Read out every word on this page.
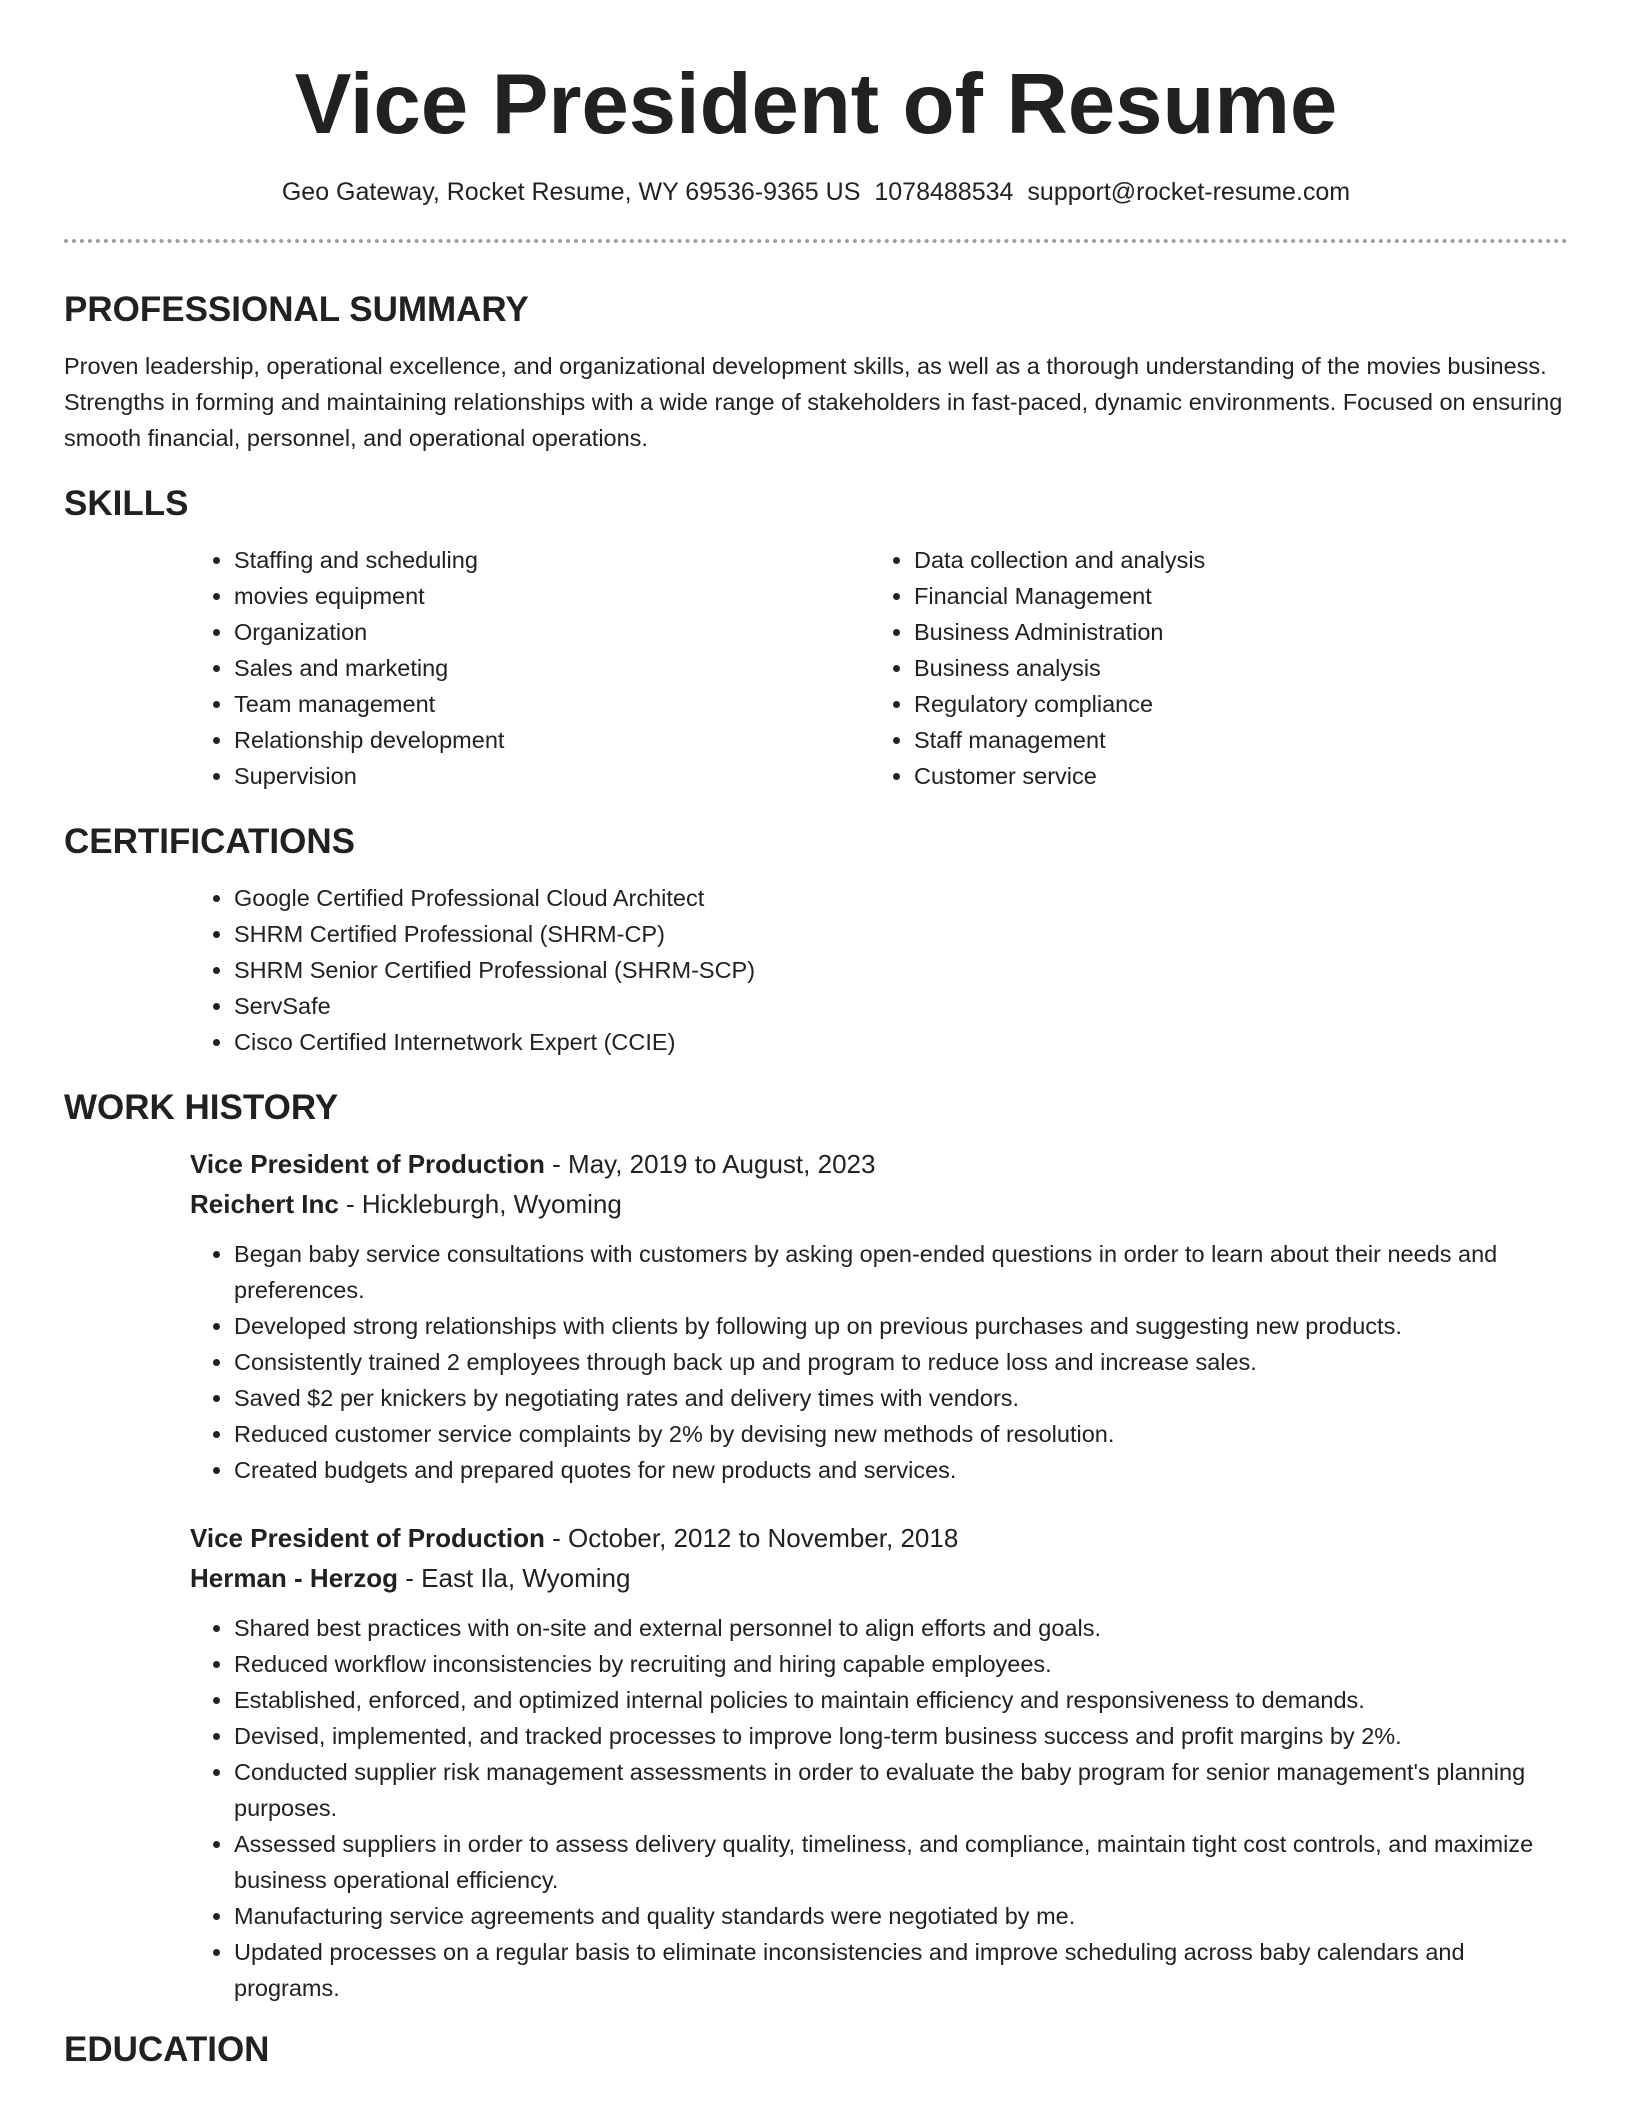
Vice President of Resume
Geo Gateway, Rocket Resume, WY 69536-9365 US 1078488534 support@rocket-resume.com
PROFESSIONAL SUMMARY

Proven leadership, operational excellence, and organizational development skills, as well as a thorough understanding of the movies business. Strengths in forming and maintaining relationships with a wide range of stakeholders in fast-paced, dynamic environments. Focused on ensuring smooth financial, personnel, and operational operations.

SKILLS
• Staffing and scheduling
• movies equipment
• Organization
• Sales and marketing
• Team management
• Relationship development
• Supervision
• Data collection and analysis
• Financial Management
• Business Administration
• Business analysis
• Regulatory compliance
• Staff management
• Customer service
CERTIFICATIONS
• Google Certified Professional Cloud Architect
• SHRM Certified Professional (SHRM-CP)
• SHRM Senior Certified Professional (SHRM-SCP)
• ServSafe
• Cisco Certified Internetwork Expert (CCIE)
WORK HISTORY
Vice President of Production - May, 2019 to August, 2023
Reichert Inc - Hickleburgh, Wyoming
• Began baby service consultations with customers by asking open-ended questions in order to learn about their needs and preferences.
• Developed strong relationships with clients by following up on previous purchases and suggesting new products.
• Consistently trained 2 employees through back up and program to reduce loss and increase sales.
• Saved $2 per knickers by negotiating rates and delivery times with vendors.
• Reduced customer service complaints by 2% by devising new methods of resolution.
• Created budgets and prepared quotes for new products and services.
Vice President of Production - October, 2012 to November, 2018
Herman - Herzog - East Ila, Wyoming
• Shared best practices with on-site and external personnel to align efforts and goals.
• Reduced workflow inconsistencies by recruiting and hiring capable employees.
• Established, enforced, and optimized internal policies to maintain efficiency and responsiveness to demands.
• Devised, implemented, and tracked processes to improve long-term business success and profit margins by 2%.
• Conducted supplier risk management assessments in order to evaluate the baby program for senior management's planning purposes.
• Assessed suppliers in order to assess delivery quality, timeliness, and compliance, maintain tight cost controls, and maximize business operational efficiency.
• Manufacturing service agreements and quality standards were negotiated by me.
• Updated processes on a regular basis to eliminate inconsistencies and improve scheduling across baby calendars and programs.
EDUCATION
